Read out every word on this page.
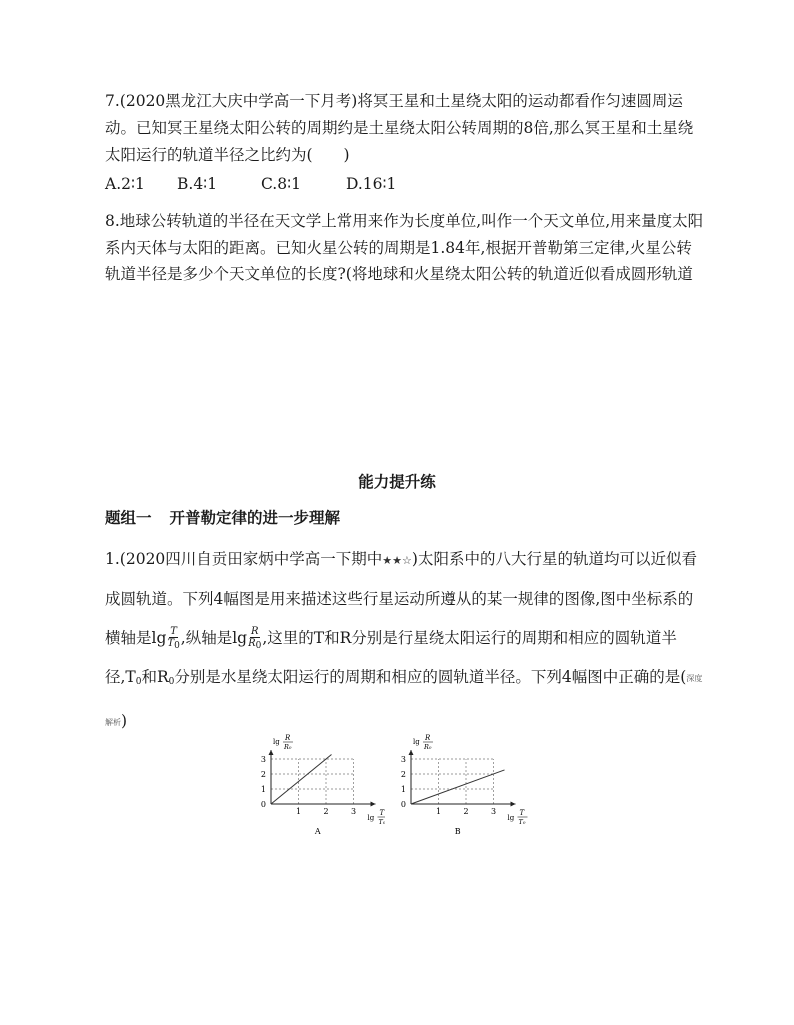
7.(2020黑龙江大庆中学高一下月考)将冥王星和土星绕太阳的运动都看作匀速圆周运动。已知冥王星绕太阳公转的周期约是土星绕太阳公转周期的8倍,那么冥王星和土星绕太阳运行的轨道半径之比约为(　　)
A.2∶1 B.4∶1	C.8∶1	D.16∶1
8.地球公转轨道的半径在天文学上常用来作为长度单位,叫作一个天文单位,用来量度太阳系内天体与太阳的距离。已知火星公转的周期是1.84年,根据开普勒第三定律,火星公转轨道半径是多少个天文单位的长度?(将地球和火星绕太阳公转的轨道近似看成圆形轨道
能力提升练
题组一 开普勒定律的进一步理解
1.(2020四川自贡田家炳中学高一下期中★★☆)太阳系中的八大行星的轨道均可以近似看成圆轨道。下列4幅图是用来描述这些行星运动所遵从的某一规律的图像,图中坐标系的横轴是$\lg \frac{T}{T0}$ ,纵轴是$\lg \frac{R}{R0}$ ,这里的T和R分别是行星绕太阳运行的周期和相应的圆轨道半径$,T_0$和$R_0$分别是水星绕太阳运行的周期和相应的圆轨道半径。下列4幅图中正确的是(深度解析)
1	2	3
1
2
3
0
lg R
R₀
lg
T
T₀
A
1	2	3
1
2
3
0
lg R
R₀
lg
T
T₀
B
